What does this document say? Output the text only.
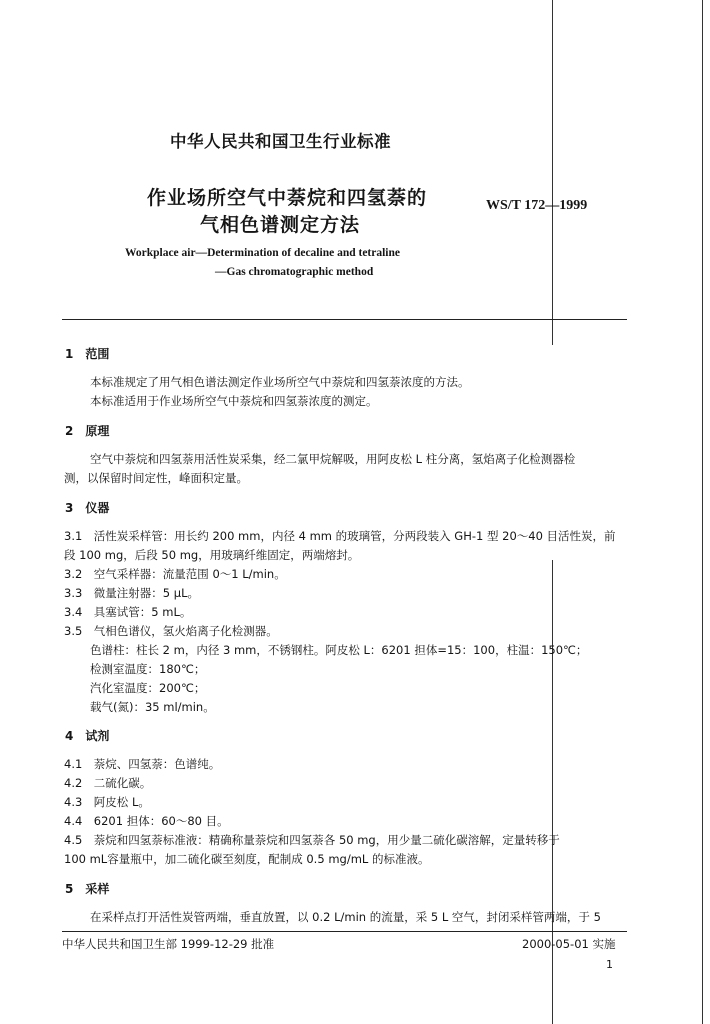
中华人民共和国卫生行业标准
作业场所空气中萘烷和四氢萘的
气相色谱测定方法
WS/T 172—1999
Workplace air—Determination of decaline and tetraline
—Gas chromatographic method
1　范围
本标准规定了用气相色谱法测定作业场所空气中萘烷和四氢萘浓度的方法。
本标准适用于作业场所空气中萘烷和四氢萘浓度的测定。
2　原理
空气中萘烷和四氢萘用活性炭采集，经二氯甲烷解吸，用阿皮松 L 柱分离，氢焰离子化检测器检
测，以保留时间定性，峰面积定量。
3　仪器
3.1　活性炭采样管：用长约 200 mm，内径 4 mm 的玻璃管，分两段装入 GH-1 型 20～40 目活性炭，前
段 100 mg，后段 50 mg，用玻璃纤维固定，两端熔封。
3.2　空气采样器：流量范围 0～1 L/min。
3.3　微量注射器：5 μL。
3.4　具塞试管：5 mL。
3.5　气相色谱仪，氢火焰离子化检测器。
色谱柱：柱长 2 m，内径 3 mm，不锈钢柱。阿皮松 L：6201 担体=15：100，柱温：150℃；
检测室温度：180℃；
汽化室温度：200℃；
载气(氮)：35 ml/min。
4　试剂
4.1　萘烷、四氢萘：色谱纯。
4.2　二硫化碳。
4.3　阿皮松 L。
4.4　6201 担体：60～80 目。
4.5　萘烷和四氢萘标准液：精确称量萘烷和四氢萘各 50 mg，用少量二硫化碳溶解，定量转移于
100 mL容量瓶中，加二硫化碳至刻度，配制成 0.5 mg/mL 的标准液。
5　采样
在采样点打开活性炭管两端，垂直放置，以 0.2 L/min 的流量，采 5 L 空气，封闭采样管两端，于 5
中华人民共和国卫生部 1999-12-29 批准	2000-05-01 实施
1
